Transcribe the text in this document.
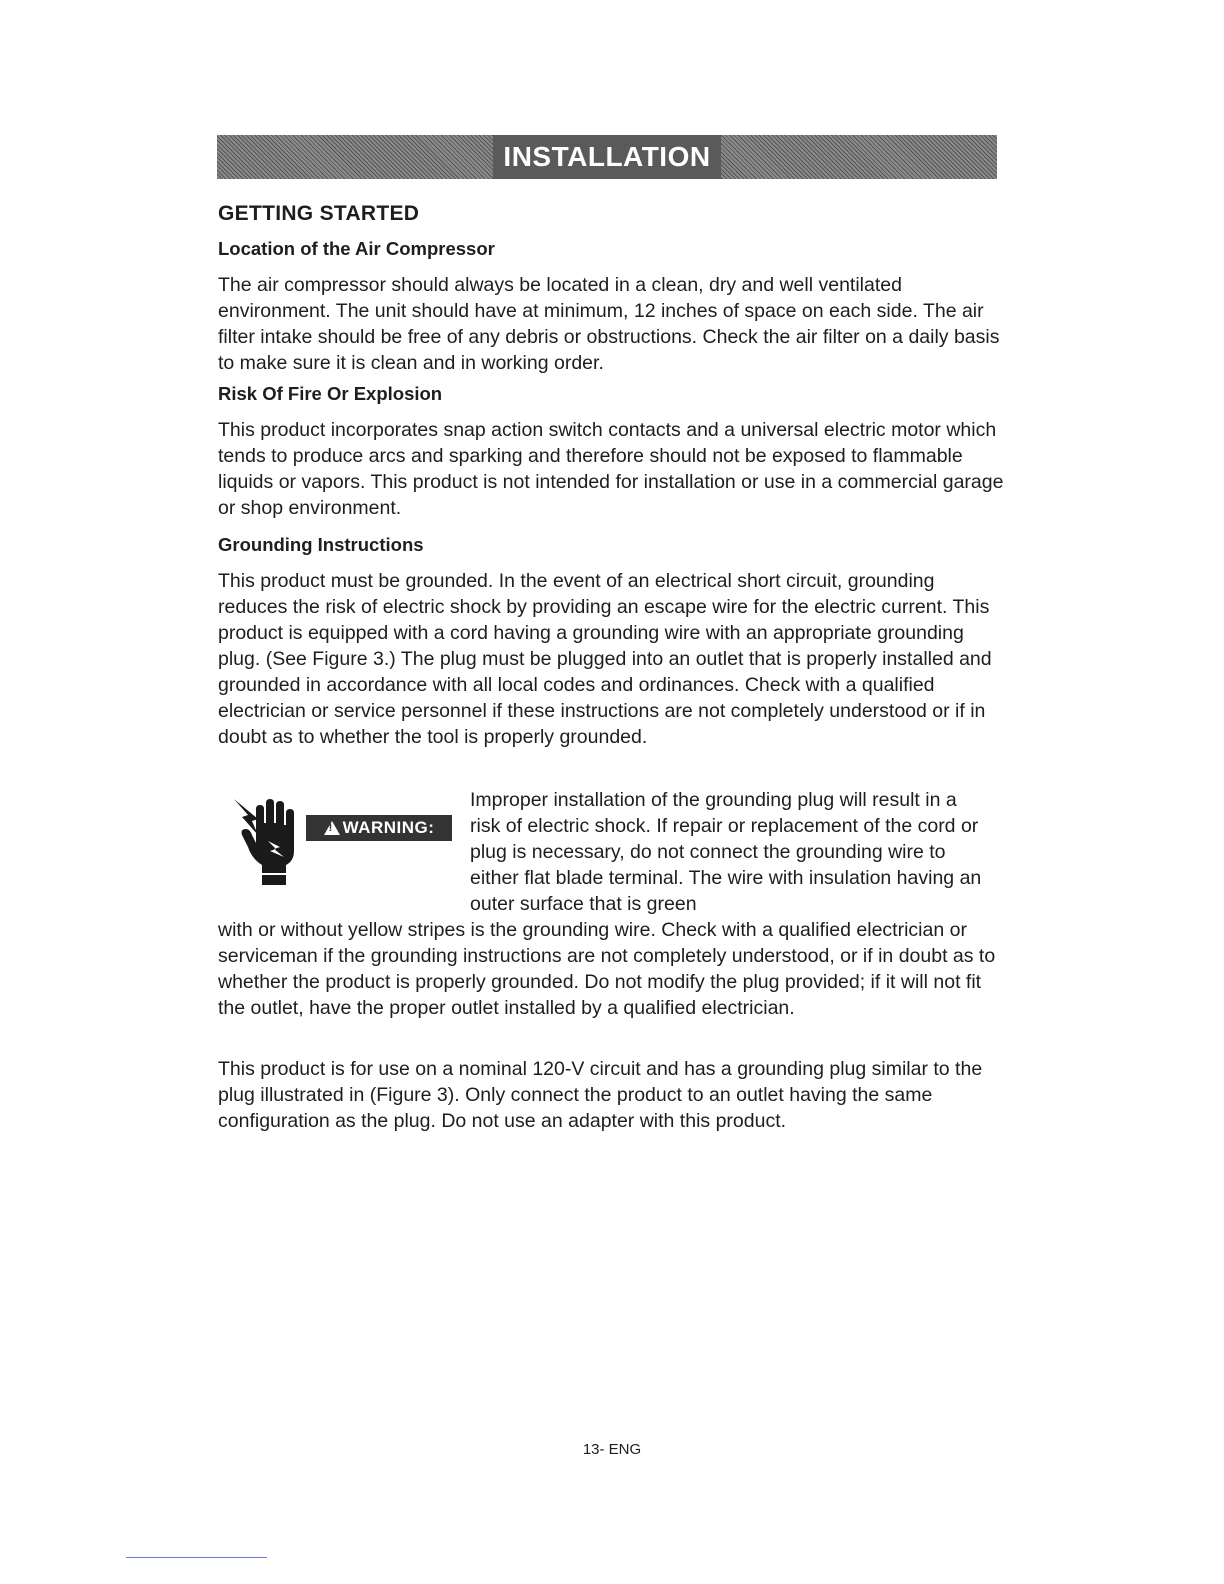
INSTALLATION
GETTING STARTED
Location of the Air Compressor

The air compressor should always be located in a clean, dry and well ventilated environment. The unit should have at minimum, 12 inches of space on each side. The air filter intake should be free of any debris or obstructions. Check the air filter on a daily basis to make sure it is clean and in working order.

Risk Of Fire Or Explosion

This product incorporates snap action switch contacts and a universal electric motor which tends to produce arcs and sparking and therefore should not be exposed to flammable liquids or vapors. This product is not intended for installation or use in a commercial garage or shop environment.

Grounding Instructions

This product must be grounded. In the event of an electrical short circuit, grounding reduces the risk of electric shock by providing an escape wire for the electric current. This product is equipped with a cord having a grounding wire with an appropriate grounding plug. (See Figure 3.) The plug must be plugged into an outlet that is properly installed and grounded in accordance with all local codes and ordinances. Check with a qualified electrician or service personnel if these instructions are not completely understood or if in doubt as to whether the tool is properly grounded.

!
WARNING:

Improper installation of the grounding plug will result in a risk of electric shock. If repair or replacement of the cord or plug is necessary, do not connect the grounding wire to either flat blade terminal. The wire with insulation having an outer surface that is green

with or without yellow stripes is the grounding wire. Check with a qualified electrician or serviceman if the grounding instructions are not completely understood, or if in doubt as to whether the product is properly grounded. Do not modify the plug provided; if it will not fit the outlet, have the proper outlet installed by a qualified electrician.

This product is for use on a nominal 120-V circuit and has a grounding plug similar to the plug illustrated in (Figure 3). Only connect the product to an outlet having the same configuration as the plug. Do not use an adapter with this product.

13- ENG
